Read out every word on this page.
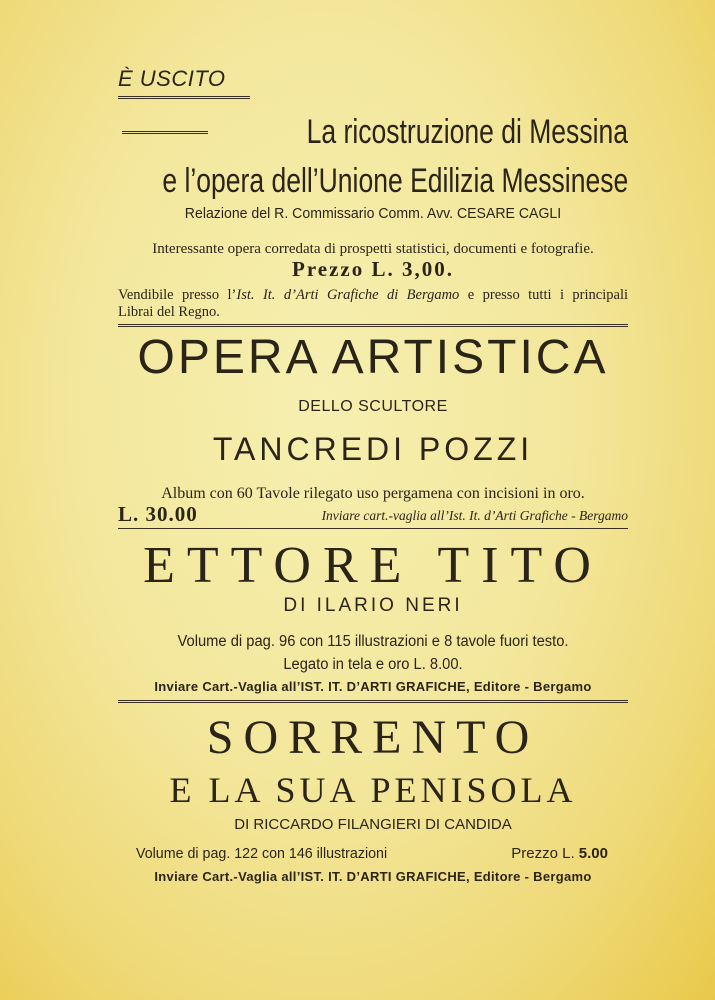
È USCITO
La ricostruzione di Messina
e l’opera dell’Unione Edilizia Messinese
Relazione del R. Commissario Comm. Avv. CESARE CAGLI
Interessante opera corredata di prospetti statistici, documenti e fotografie.
Prezzo L. 3,00.
Vendibile presso l’Ist. It. d’Arti Grafiche di Bergamo e presso tutti i principali
Librai del Regno.
OPERA ARTISTICA
DELLO SCULTORE
TANCREDI POZZI
Album con 60 Tavole rilegato uso pergamena con incisioni in oro.
L. 30.00	Inviare cart.-vaglia all’Ist. It. d’Arti Grafiche - Bergamo
ETTORE TITO
DI ILARIO NERI
Volume di pag. 96 con 115 illustrazioni e 8 tavole fuori testo.
Legato in tela e oro L. 8.00.
Inviare Cart.-Vaglia all’IST. IT. D’ARTI GRAFICHE, Editore - Bergamo
SORRENTO
E LA SUA PENISOLA
DI RICCARDO FILANGIERI DI CANDIDA
Volume di pag. 122 con 146 illustrazioni	Prezzo L. 5.00
Inviare Cart.-Vaglia all’IST. IT. D’ARTI GRAFICHE, Editore - Bergamo
